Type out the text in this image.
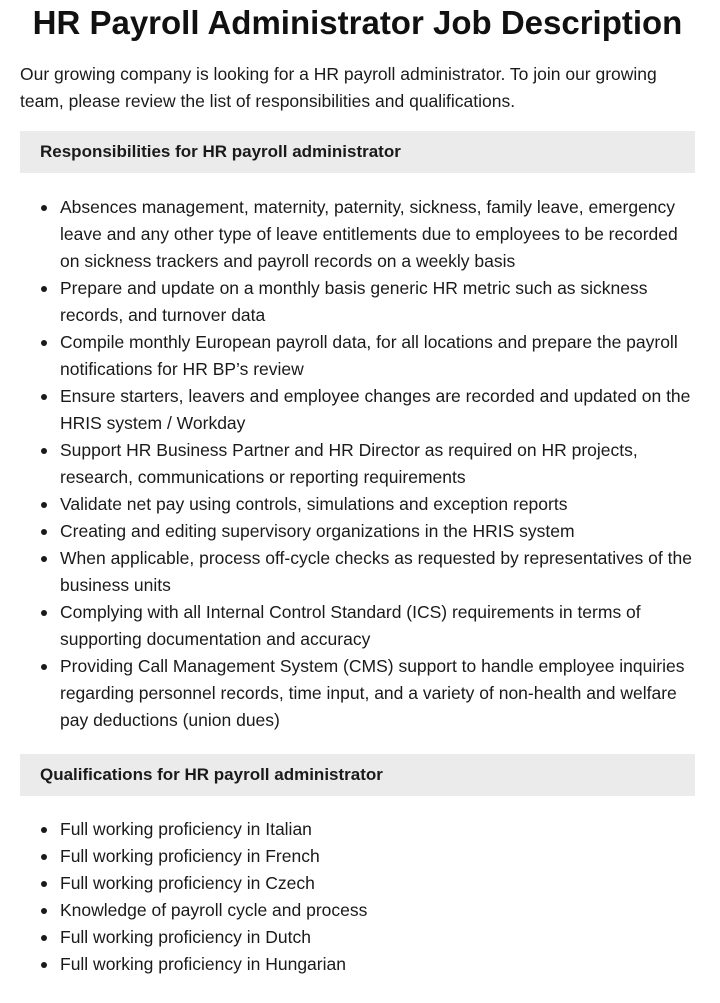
HR Payroll Administrator Job Description

Our growing company is looking for a HR payroll administrator. To join our growing team, please review the list of responsibilities and qualifications.

Responsibilities for HR payroll administrator
Absences management, maternity, paternity, sickness, family leave, emergency leave and any other type of leave entitlements due to employees to be recorded on sickness trackers and payroll records on a weekly basis
Prepare and update on a monthly basis generic HR metric such as sickness records, and turnover data
Compile monthly European payroll data, for all locations and prepare the payroll notifications for HR BP’s review
Ensure starters, leavers and employee changes are recorded and updated on the HRIS system / Workday
Support HR Business Partner and HR Director as required on HR projects, research, communications or reporting requirements
Validate net pay using controls, simulations and exception reports
Creating and editing supervisory organizations in the HRIS system
When applicable, process off-cycle checks as requested by representatives of the business units
Complying with all Internal Control Standard (ICS) requirements in terms of supporting documentation and accuracy
Providing Call Management System (CMS) support to handle employee inquiries regarding personnel records, time input, and a variety of non-health and welfare pay deductions (union dues)
Qualifications for HR payroll administrator
Full working proficiency in Italian
Full working proficiency in French
Full working proficiency in Czech
Knowledge of payroll cycle and process
Full working proficiency in Dutch
Full working proficiency in Hungarian
